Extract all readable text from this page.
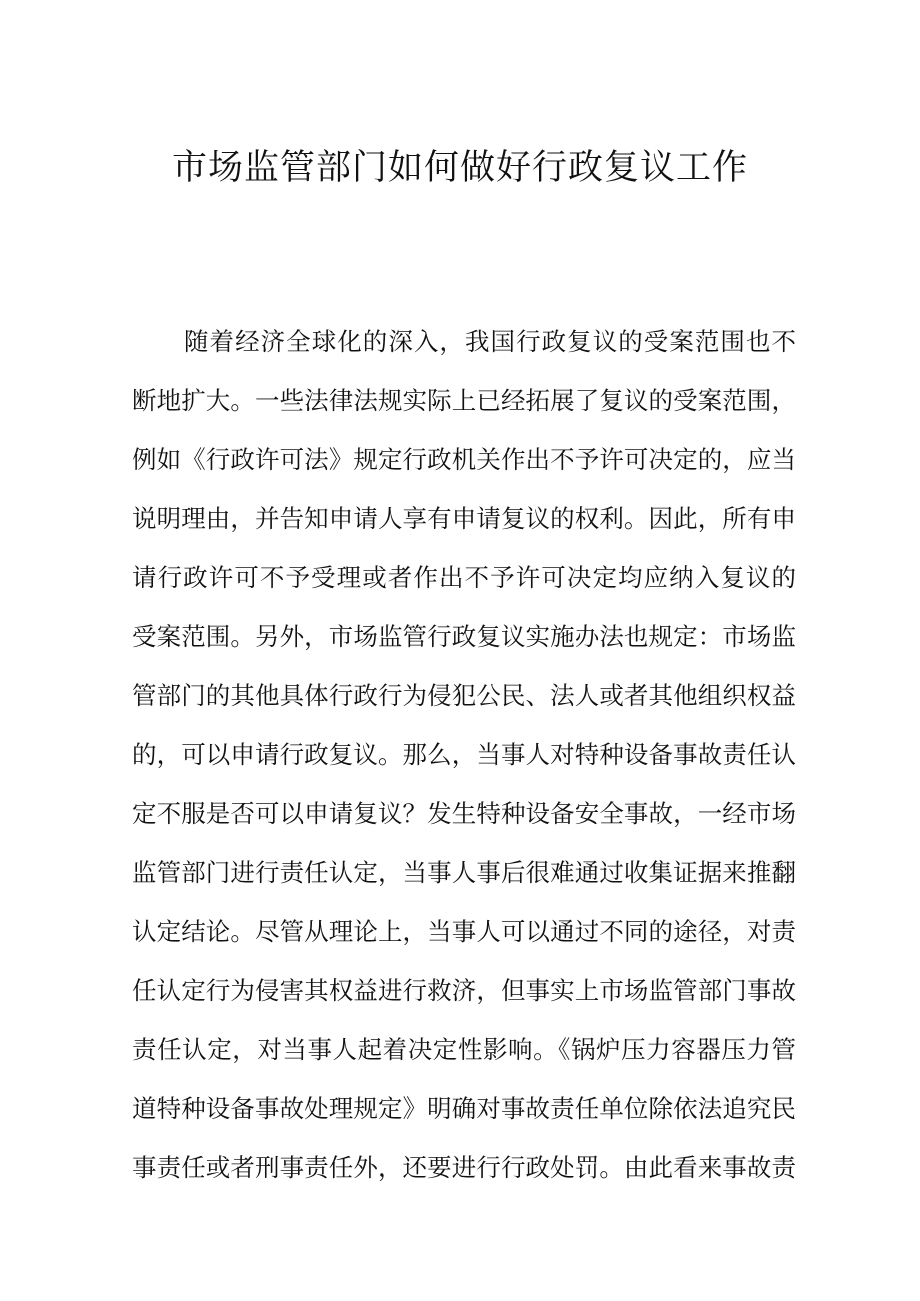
市场监管部门如何做好行政复议工作
随着经济全球化的深入，我国行政复议的受案范围也不
断地扩大。一些法律法规实际上已经拓展了复议的受案范围，
例如《行政许可法》规定行政机关作出不予许可决定的，应当
说明理由，并告知申请人享有申请复议的权利。因此，所有申
请行政许可不予受理或者作出不予许可决定均应纳入复议的
受案范围。另外，市场监管行政复议实施办法也规定：市场监
管部门的其他具体行政行为侵犯公民、法人或者其他组织权益
的，可以申请行政复议。那么，当事人对特种设备事故责任认
定不服是否可以申请复议？发生特种设备安全事故，一经市场
监管部门进行责任认定，当事人事后很难通过收集证据来推翻
认定结论。尽管从理论上，当事人可以通过不同的途径，对责
任认定行为侵害其权益进行救济，但事实上市场监管部门事故
责任认定，对当事人起着决定性影响。《锅炉压力容器压力管
道特种设备事故处理规定》明确对事故责任单位除依法追究民
事责任或者刑事责任外，还要进行行政处罚。由此看来事故责
